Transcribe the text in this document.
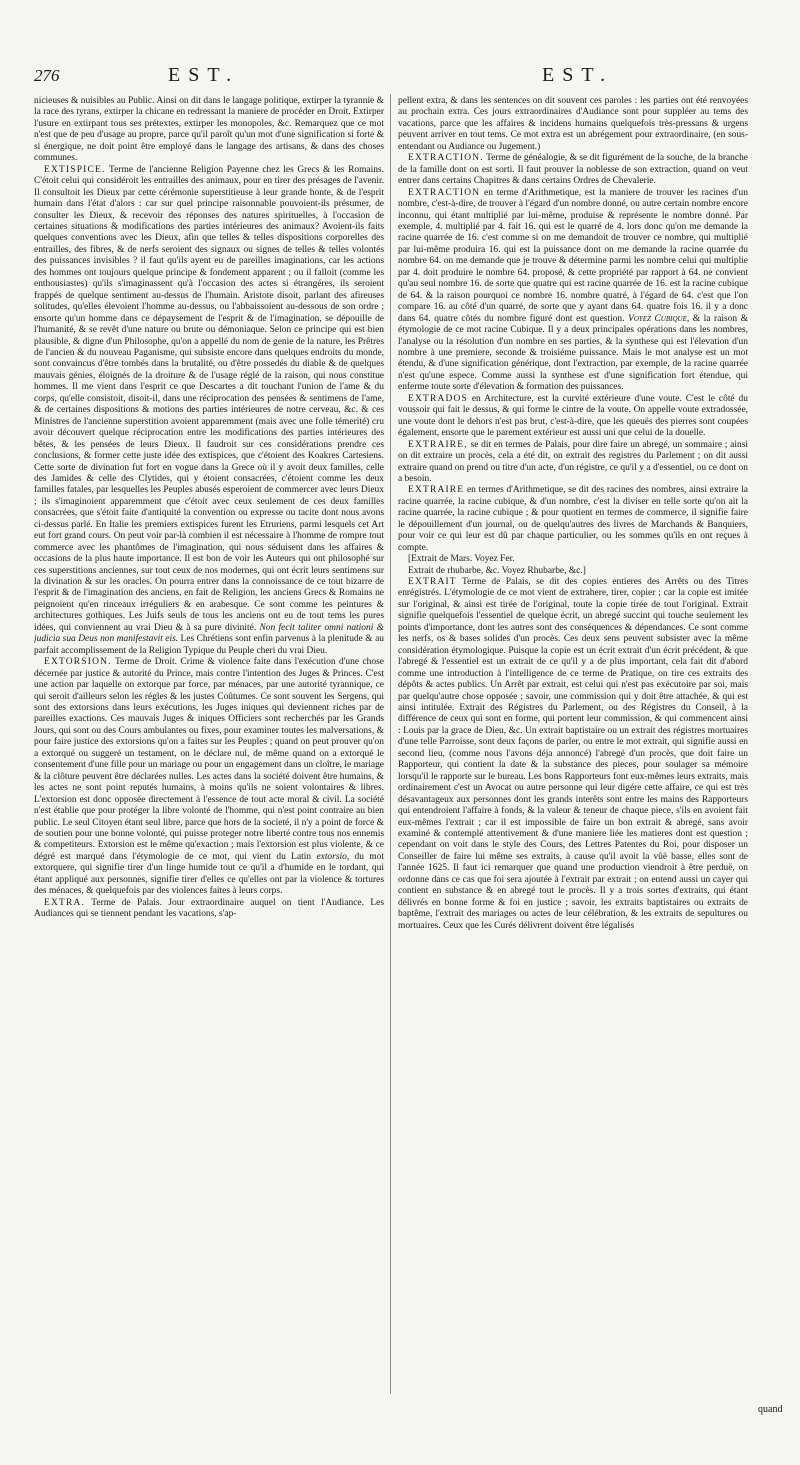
276	EST.	EST.

nicieuses & nuisibles au Public. Ainsi on dit dans le langage politique, extirper la tyrannie & la race des tyrans, extirper la chicane en redressant la maniere de procéder en Droit. Extirper l'usure en extirpant tous ses prétextes, extirper les monopoles, &c. Remarquez que ce mot n'est que de peu d'usage au propre, parce qu'il paroît qu'un mot d'une signification si forte & si énergique, ne doit point être employé dans le langage des artisans, & dans des choses communes.

EXTISPICE. Terme de l'ancienne Religion Payenne chez les Grecs & les Romains. C'étoit celui qui considéroit les entrailles des animaux, pour en tirer des présages de l'avenir. Il consultoit les Dieux par cette cérémonie superstitieuse à leur grande honte, & de l'esprit humain dans l'état d'alors : car sur quel principe raisonnable pouvoient-ils présumer, de consulter les Dieux, & recevoir des réponses des natures spirituelles, à l'occasion de certaines situations & modifications des parties intérieures des animaux? Avoient-ils faits quelques conventions avec les Dieux, afin que telles & telles dispositions corporelles des entrailles, des fibres, & de nerfs seroient des signaux ou signes de telles & telles volontés des puissances invisibles ? il faut qu'ils ayent eu de pareilles imaginations, car les actions des hommes ont toujours quelque principe & fondement apparent ; ou il falloit (comme les enthousiastes) qu'ils s'imaginassent qu'à l'occasion des actes si étrangéres, ils seroient frappés de quelque sentiment au-dessus de l'humain. Aristote disoit, parlant des afireuses solitudes, qu'elles élevoient l'homme au-dessus, ou l'abbaissoient au-dessous de son ordre ; ensorte qu'un homme dans ce dépaysement de l'esprit & de l'imagination, se dépouille de l'humanité, & se revêt d'une nature ou brute ou démoniaque. Selon ce principe qui est bien plausible, & digne d'un Philosophe, qu'on a appellé du nom de genie de la nature, les Prêtres de l'ancien & du nouveau Paganisme, qui subsiste encore dans quelques endroits du monde, sont convaincus d'être tombés dans la brutalité, ou d'être possedés du diable & de quelques mauvais génies, éloignés de la droiture & de l'usage réglé de la raison, qui nous constitue hommes. Il me vient dans l'esprit ce que Descartes a dit touchant l'union de l'ame & du corps, qu'elle consistoit, disoit-il, dans une réciprocation des pensées & sentimens de l'ame, & de certaines dispositions & motions des parties intérieures de notre cerveau, &c. & ces Ministres de l'ancienne superstition avoient apparemment (mais avec une folle témerité) cru avoir découvert quelque réciprocation entre les modifications des parties intérieures des bêtes, & les pensées de leurs Dieux. Il faudroit sur ces considérations prendre ces conclusions, & former cette juste idée des extispices, que c'étoient des Koakres Cartesiens. Cette sorte de divination fut fort en vogue dans la Grece où il y avoit deux familles, celle des Jamides & celle des Clytides, qui y étoient consacrées, c'étoient comme les deux familles fatales, par lesquelles les Peuples abusés esperoient de commercer avec leurs Dieux ; ils s'imaginoient apparemment que c'étoit avec ceux seulement de ces deux familles consacrées, que s'étoit faite d'antiquité la convention ou expresse ou tacite dont nous avons ci-dessus parlé. En Italie les premiers extispices furent les Etruriens, parmi lesquels cet Art eut fort grand cours. On peut voir par-là combien il est nécessaire à l'homme de rompre tout commerce avec les phantômes de l'imagination, qui nous séduisent dans les affaires & occasions de la plus haute importance. Il est bon de voir les Auteurs qui ont philosophé sur ces superstitions anciennes, sur tout ceux de nos modernes, qui ont écrit leurs sentimens sur la divination & sur les oracles. On pourra entrer dans la connoissance de ce tout bizarre de l'esprit & de l'imagination des anciens, en fait de Religion, les anciens Grecs & Romains ne peignoient qu'en rinceaux irréguliers & en arabesque. Ce sont comme les peintures & architectures gothiques. Les Juifs seuls de tous les anciens ont eu de tout tems les pures idées, qui conviennent au vrai Dieu & à sa pure divinité. Non fecit taliter omni nationi & judicia sua Deus non manifestavit eis. Les Chrétiens sont enfin parvenus à la plenitude & au parfait accomplissement de la Religion Typique du Peuple cheri du vrai Dieu.

EXTORSION. Terme de Droit. Crime & violence faite dans l'exécution d'une chose décernée par justice & autorité du Prince, mais contre l'intention des Juges & Princes. C'est une action par laquelle on extorque par force, par ménaces, par une autorité tyrannique, ce qui seroit d'ailleurs selon les régles & les justes Coûtumes. Ce sont souvent les Sergens, qui sont des extorsions dans leurs exécutions, les Juges iniques qui deviennent riches par de pareilles exactions. Ces mauvais Juges & iniques Officiers sont recherchés par les Grands Jours, qui sont ou des Cours ambulantes ou fixes, pour examiner toutes les malversations, & pour faire justice des extorsions qu'on a faites sur les Peuples ; quand on peut prouver qu'on a extorqué ou suggeré un testament, on le déclare nul, de même quand on a extorqué le consentement d'une fille pour un mariage ou pour un engagement dans un cloître, le mariage & la clôture peuvent être déclarées nulles. Les actes dans la société doivent être humains, & les actes ne sont point reputés humains, à moins qu'ils ne soient volontaires & libres. L'extorsion est donc opposée directement à l'essence de tout acte moral & civil. La société n'est établie que pour protéger la libre volonté de l'homme, qui n'est point contraire au bien public. Le seul Citoyen étant seul libre, parce que hors de la societé, il n'y a point de force & de soutien pour une bonne volonté, qui puisse proteger notre liberté contre tous nos ennemis & competiteurs. Extorsion est le même qu'exaction ; mais l'extorsion est plus violente, & ce dégré est marqué dans l'étymologie de ce mot, qui vient du Latin extorsio, du mot extorquere, qui signifie tirer d'un linge humide tout ce qu'il a d'humide en le tordant, qui étant appliqué aux personnes, signifie tirer d'elles ce qu'elles ont par la violence & tortures des ménaces, & quelquefois par des violences faites à leurs corps.

EXTRA. Terme de Palais. Jour extraordinaire auquel on tient l'Audiance. Les Audiances qui se tiennent pendant les vacations, s'ap-

pellent extra, & dans les sentences on dit souvent ces paroles : les parties ont été renvoyées au prochain extra. Ces jours extraordinaires d'Audiance sont pour suppléer au tems des vacations, parce que les affaires & incidens humains quelquefois très-pressans & urgens peuvent arriver en tout tems. Ce mot extra est un abrégement pour extraordinaire, (en sous-entendant ou Audiance ou Jugement.)

EXTRACTION. Terme de généalogie, & se dit figurément de la souche, de la branche de la famille dont on est sorti. Il faut prouver la noblesse de son extraction, quand on veut entrer dans certains Chapitres & dans certains Ordres de Chevalerie.

EXTRACTION en terme d'Arithmetique, est la maniere de trouver les racines d'un nombre, c'est-à-dire, de trouver à l'égard d'un nombre donné, ou autre certain nombre encore inconnu, qui étant multiplié par lui-même, produise & représente le nombre donné. Par exemple, 4. multiplié par 4. fait 16. qui est le quarré de 4. lors donc qu'on me demande la racine quarrée de 16. c'est comme si on me demandoit de trouver ce nombre, qui multiplié par lui-même produira 16. qui est la puissance dont on me demande la racine quarrée du nombre 64. on me demande que je trouve & détermine parmi les nombre celui qui multiplie par 4. doit produire le nombre 64. proposé, & cette propriété par rapport à 64. ne convient qu'au seul nombre 16. de sorte que quatre qui est racine quarrée de 16. est la racine cubique de 64. & la raison pourquoi ce nombre 16. nombre quatré, à l'égard de 64. c'est que l'on compare 16. au côté d'un quarré, de sorte que y ayant dans 64. quatre fois 16. il y a donc dans 64. quatre côtés du nombre figuré dont est question. Voyez Cubique, & la raison & étymologie de ce mot racine Cubique. Il y a deux principales opérations dans les nombres, l'analyse ou la résolution d'un nombre en ses parties, & la synthese qui est l'élevation d'un nombre à une premiere, seconde & troisiéme puissance. Mais le mot analyse est un mot étendu, & d'une signification générique, dont l'extraction, par exemple, de la racine quarrée n'est qu'une espece. Comme aussi la synthese est d'une signification fort étendue, qui enferme toute sorte d'élevation & formation des puissances.

EXTRADOS en Architecture, est la curvité extérieure d'une voute. C'est le côté du voussoir qui fait le dessus, & qui forme le cintre de la voute. On appelle voute extradossée, une voute dont le dehors n'est pas brut, c'est-à-dire, que les queuës des pierres sont coupées également, ensorte que le parement extérieur est aussi uni que celui de la douelle.

EXTRAIRE, se dit en termes de Palais, pour dire faire un abregé, un sommaire ; ainsi on dit extraire un procès, cela a été dit, on extrait des registres du Parlement ; on dit aussi extraire quand on prend ou titre d'un acte, d'un régistre, ce qu'il y a d'essentiel, ou ce dont on a besoin.

EXTRAIRE en termes d'Arithmetique, se dit des racines des nombres, ainsi extraire la racine quarrée, la racine cubique, & d'un nombre, c'est la diviser en telle sorte qu'on ait la racine quarrée, la racine cubique ; & pour quotient en termes de commerce, il signifie faire le dépouillement d'un journal, ou de quelqu'autres des livres de Marchands & Banquiers, pour voir ce qui leur est dû par chaque particulier, ou les sommes qu'ils en ont reçues à compte.

[Extrait de Mars. Voyez Fer.

Extrait de rhubarbe, &c. Voyez Rhubarbe, &c.]

EXTRAIT Terme de Palais, se dit des copies entieres des Arrêts ou des Titres enrégistrés. L'étymologie de ce mot vient de extrahere, tirer, copier ; car la copie est imitée sur l'original, & ainsi est tirée de l'original, toute la copie tirée de tout l'original. Extrait signifie quelquefois l'essentiel de quelque écrit, un abregé succint qui touche seulement les points d'importance, dont les autres sont des conséquences & dépendances. Ce sont comme les nerfs, os & bases solides d'un procès. Ces deux sens peuvent subsister avec la même considération étymologique. Puisque la copie est un écrit extrait d'un écrit précédent, & que l'abregé & l'essentiel est un extrait de ce qu'il y a de plus important, cela fait dit d'abord comme une introduction à l'intelligence de ce terme de Pratique, on tire ces extraits des dépôts & actes publics. Un Arrêt par extrait, est celui qui n'est pas exécutoire par soi, mais par quelqu'autre chose opposée ; savoir, une commission qui y doit être attachée, & qui est ainsi intitulée. Extrait des Régistres du Parlement, ou des Régistres du Conseil, à la différence de ceux qui sont en forme, qui portent leur commission, & qui commencent ainsi : Louis par la grace de Dieu, &c. Un extrait baptistaire ou un extrait des régistres mortuaires d'une telle Parroisse, sont deux façons de parler, ou entre le mot extrait, qui signifie aussi en second lieu, (comme nous l'avons déja annoncé) l'abregé d'un procès, que doit faire un Rapporteur, qui contient la date & la substance des pieces, pour soulager sa mémoire lorsqu'il le rapporte sur le bureau. Les bons Rapporteurs font eux-mêmes leurs extraits, mais ordinairement c'est un Avocat ou autre personne qui leur digére cette affaire, ce qui est très désavantageux aux personnes dont les grands interêts sont entre les mains des Rapporteurs qui entendroient l'affaire à fonds, & la valeur & teneur de chaque piece, s'ils en avoient fait eux-mêmes l'extrait ; car il est impossible de faire un bon extrait & abregé, sans avoir examiné & contemplé attentivement & d'une maniere liée les matieres dont est question ; cependant on voit dans le style des Cours, des Lettres Patentes du Roi, pour disposer un Conseiller de faire lui même ses extraits, à cause qu'il avoit la vûë basse, elles sont de l'année 1625. Il faut ici remarquer que quand une production viendroit à être perduë, on ordonne dans ce cas que foi sera ajoutée à l'extrait par extrait ; on entend aussi un cayer qui contient en substance & en abregé tout le procès. Il y a trois sortes d'extraits, qui étant délivrés en bonne forme & foi en justice ; savoir, les extraits baptistaires ou extraits de baptême, l'extrait des mariages ou actes de leur célébration, & les extraits de sepultures ou mortuaires. Ceux que les Curés délivrent doivent être légalisés

quand
